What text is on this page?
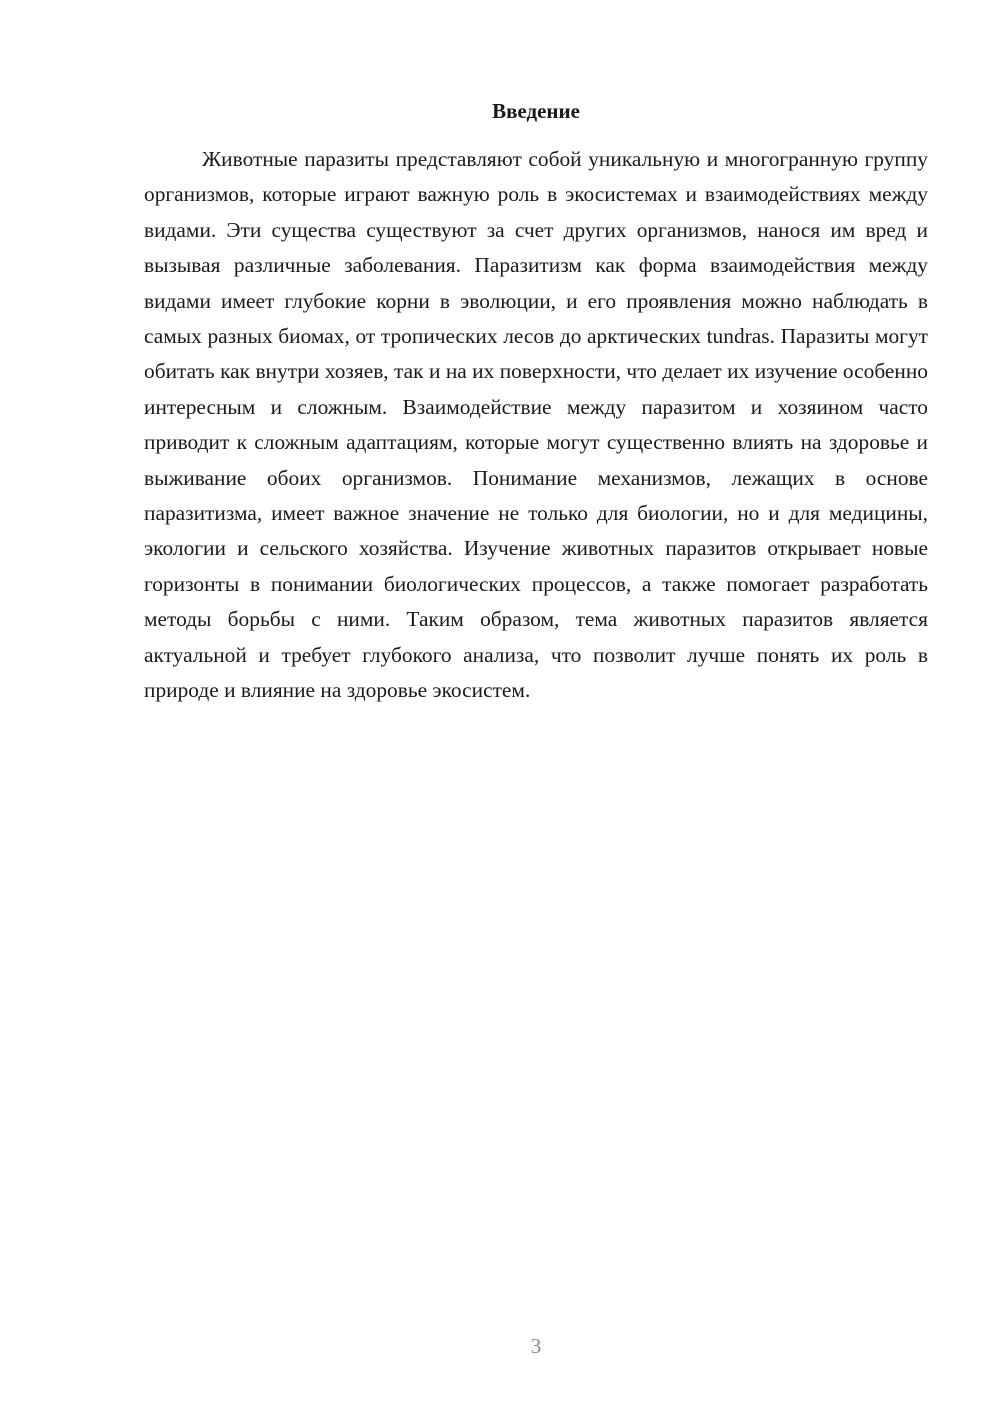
Введение

Животные паразиты представляют собой уникальную и многогранную группу организмов, которые играют важную роль в экосистемах и взаимодействиях между видами. Эти существа существуют за счет других организмов, нанося им вред и вызывая различные заболевания. Паразитизм как форма взаимодействия между видами имеет глубокие корни в эволюции, и его проявления можно наблюдать в самых разных биомах, от тропических лесов до арктических tundras. Паразиты могут обитать как внутри хозяев, так и на их поверхности, что делает их изучение особенно интересным и сложным. Взаимодействие между паразитом и хозяином часто приводит к сложным адаптациям, которые могут существенно влиять на здоровье и выживание обоих организмов. Понимание механизмов, лежащих в основе паразитизма, имеет важное значение не только для биологии, но и для медицины, экологии и сельского хозяйства. Изучение животных паразитов открывает новые горизонты в понимании биологических процессов, а также помогает разработать методы борьбы с ними. Таким образом, тема животных паразитов является актуальной и требует глубокого анализа, что позволит лучше понять их роль в природе и влияние на здоровье экосистем.

3
